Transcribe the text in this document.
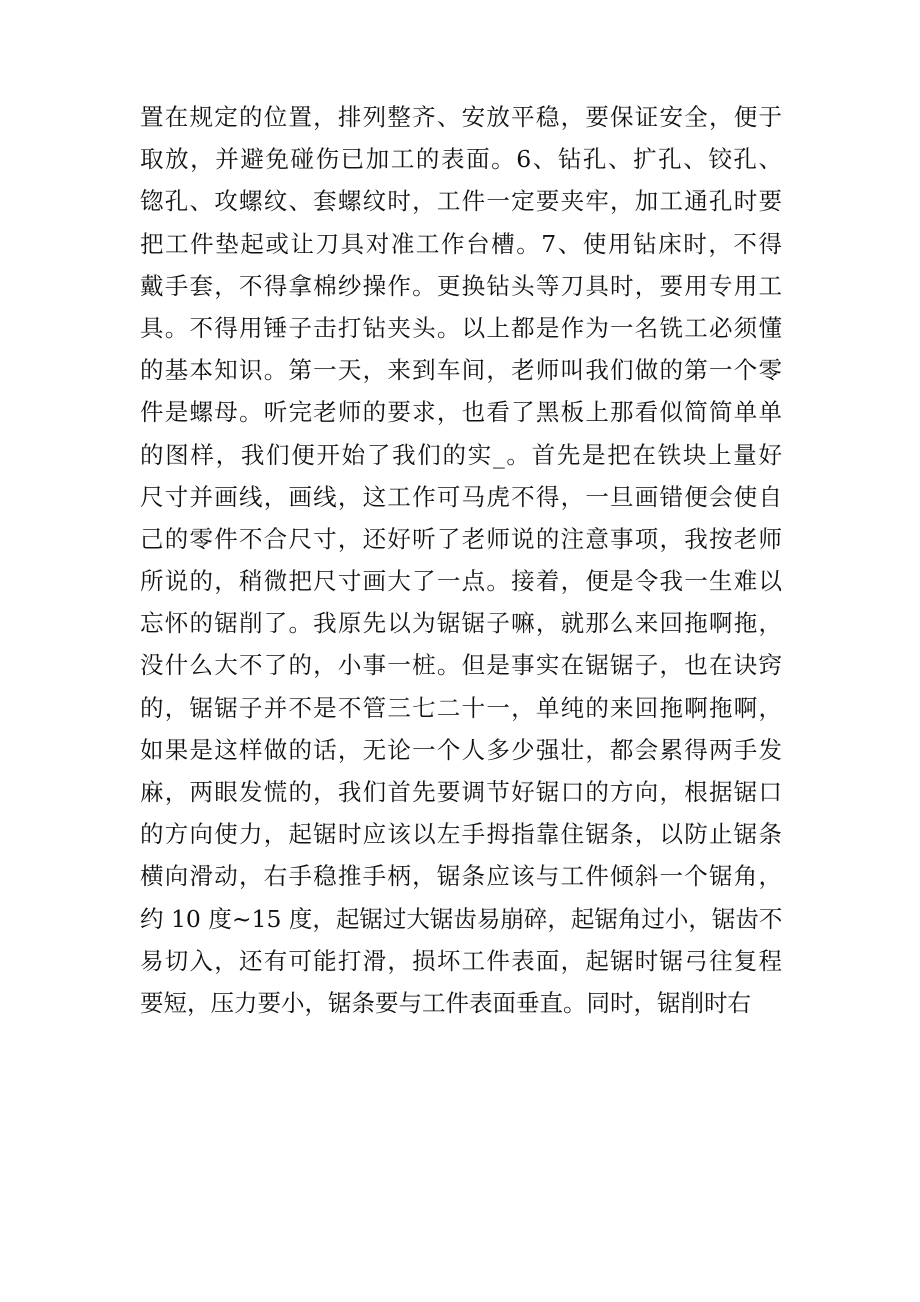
置在规定的位置，排列整齐、安放平稳，要保证安全，便于
取放，并避免碰伤已加工的表面。6、钻孔、扩孔、铰孔、
锪孔、攻螺纹、套螺纹时，工件一定要夹牢，加工通孔时要
把工件垫起或让刀具对准工作台槽。7、使用钻床时，不得
戴手套，不得拿棉纱操作。更换钻头等刀具时，要用专用工
具。不得用锤子击打钻夹头。以上都是作为一名铣工必须懂
的基本知识。第一天，来到车间，老师叫我们做的第一个零
件是螺母。听完老师的要求，也看了黑板上那看似简简单单
的图样，我们便开始了我们的实_。首先是把在铁块上量好
尺寸并画线，画线，这工作可马虎不得，一旦画错便会使自
己的零件不合尺寸，还好听了老师说的注意事项，我按老师
所说的，稍微把尺寸画大了一点。接着，便是令我一生难以
忘怀的锯削了。我原先以为锯锯子嘛，就那么来回拖啊拖，
没什么大不了的，小事一桩。但是事实在锯锯子，也在诀窍
的，锯锯子并不是不管三七二十一，单纯的来回拖啊拖啊，
如果是这样做的话，无论一个人多少强壮，都会累得两手发
麻，两眼发慌的，我们首先要调节好锯口的方向，根据锯口
的方向使力，起锯时应该以左手拇指靠住锯条，以防止锯条
横向滑动，右手稳推手柄，锯条应该与工件倾斜一个锯角，
约 10 度~15 度，起锯过大锯齿易崩碎，起锯角过小，锯齿不
易切入，还有可能打滑，损坏工件表面，起锯时锯弓往复程
要短，压力要小，锯条要与工件表面垂直。同时，锯削时右
